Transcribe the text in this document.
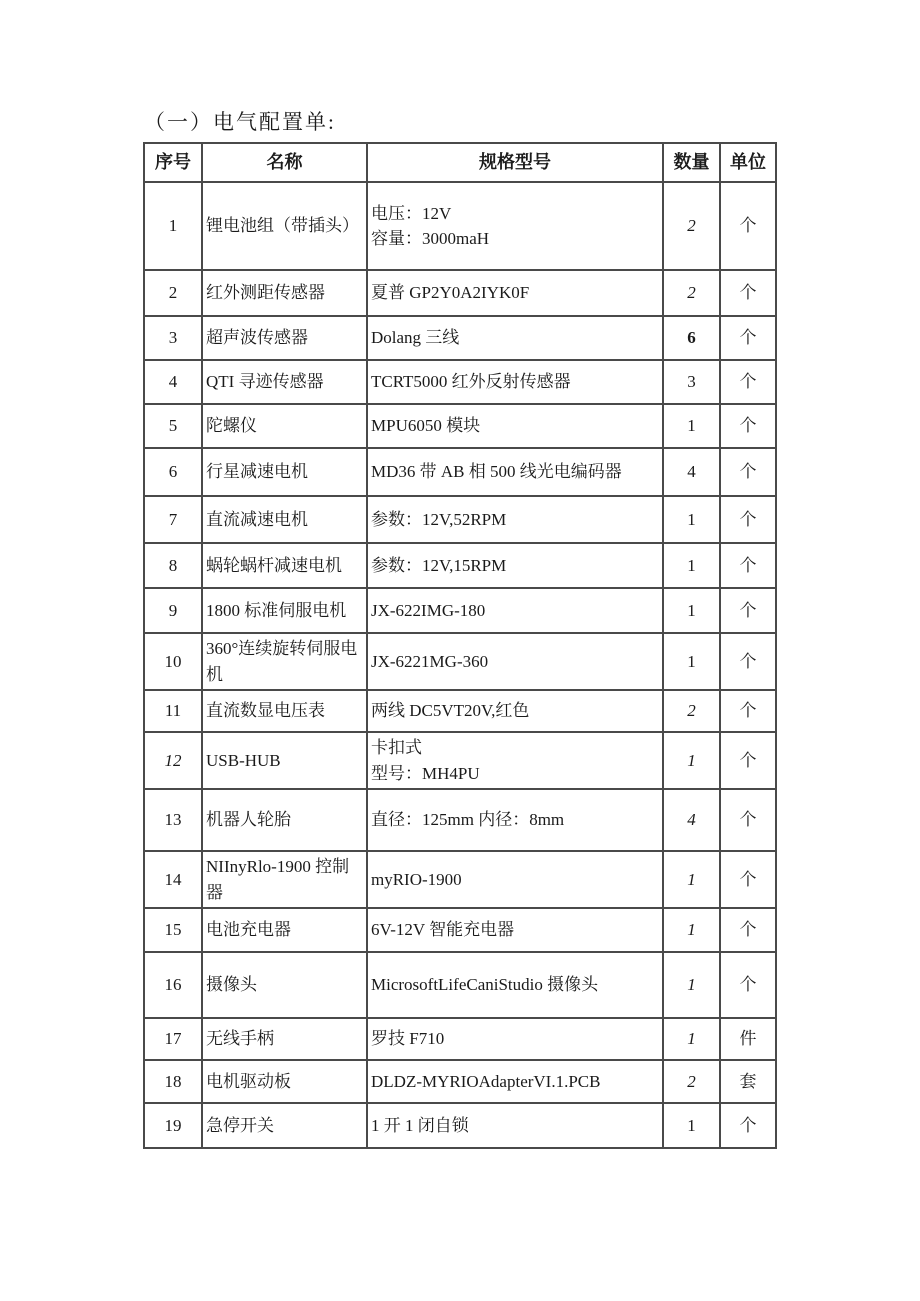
（一）电气配置单:
序号	名称	规格型号	数量	单位
1	锂电池组（带插头）	电压：12V
容量：3000maH	2	个
2	红外测距传感器	夏普 GP2Y0A2IYK0F	2	个
3	超声波传感器	Dolang 三线	6	个
4	QTI 寻迹传感器	TCRT5000 红外反射传感器	3	个
5	陀螺仪	MPU6050 模块	1	个
6	行星减速电机	MD36 带 AB 相 500 线光电编码器	4	个
7	直流减速电机	参数：12V,52RPM	1	个
8	蜗轮蜗杆减速电机	参数：12V,15RPM	1	个
9	1800 标准伺服电机	JX-622IMG-180	1	个
10	360°连续旋转伺服电机	JX-6221MG-360	1	个
11	直流数显电压表	两线 DC5VT20V,红色	2	个
12	USB-HUB	卡扣式
型号：MH4PU	1	个
13	机器人轮胎	直径：125mm 内径：8mm	4	个
14	NIInyRlo-1900 控制器	myRIO-1900	1	个
15	电池充电器	6V-12V 智能充电器	1	个
16	摄像头	MicrosoftLifeCaniStudio 摄像头	1	个
17	无线手柄	罗技 F710	1	件
18	电机驱动板	DLDZ-MYRIOAdapterVI.1.PCB	2	套
19	急停开关	1 开 1 闭自锁	1	个
